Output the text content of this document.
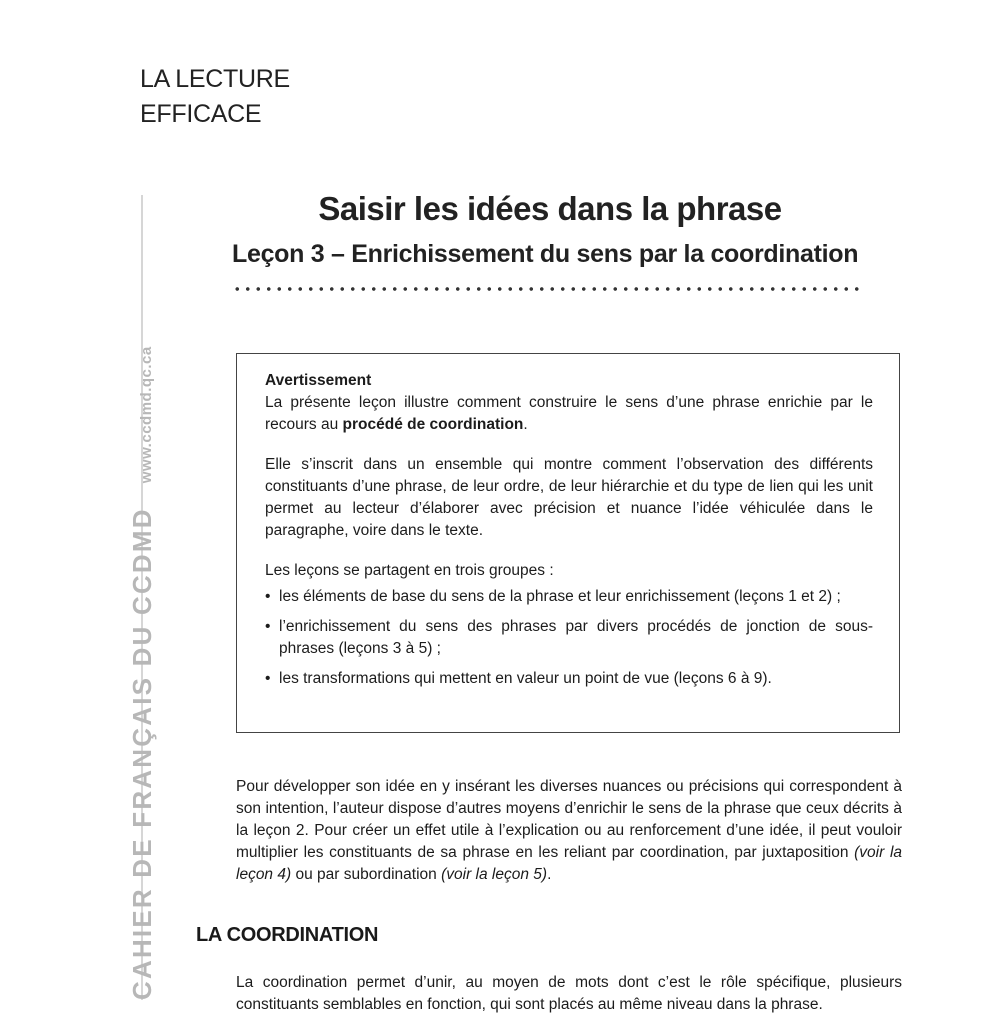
LA LECTURE
EFFICACE
CAHIER DE FRANÇAIS DU CCDMDwww.ccdmd.qc.ca
Saisir les idées dans la phrase
Leçon 3 – Enrichissement du sens par la coordination
Avertissement

La présente leçon illustre comment construire le sens d’une phrase enrichie par le recours au procédé de coordination.

Elle s’inscrit dans un ensemble qui montre comment l’observation des différents constituants d’une phrase, de leur ordre, de leur hiérarchie et du type de lien qui les unit permet au lecteur d’élaborer avec précision et nuance l’idée véhiculée dans le paragraphe, voire dans le texte.

Les leçons se partagent en trois groupes :

• les éléments de base du sens de la phrase et leur enrichissement (leçons 1 et 2) ;
• l’enrichissement du sens des phrases par divers procédés de jonction de sous-phrases (leçons 3 à 5) ;
• les transformations qui mettent en valeur un point de vue (leçons 6 à 9).

Pour développer son idée en y insérant les diverses nuances ou précisions qui correspondent à son intention, l’auteur dispose d’autres moyens d’enrichir le sens de la phrase que ceux décrits à la leçon 2. Pour créer un effet utile à l’explication ou au renforcement d’une idée, il peut vouloir multiplier les constituants de sa phrase en les reliant par coordination, par juxtaposition (voir la leçon 4) ou par subordination (voir la leçon 5).

LA COORDINATION

La coordination permet d’unir, au moyen de mots dont c’est le rôle spécifique, plusieurs constituants semblables en fonction, qui sont placés au même niveau dans la phrase.
